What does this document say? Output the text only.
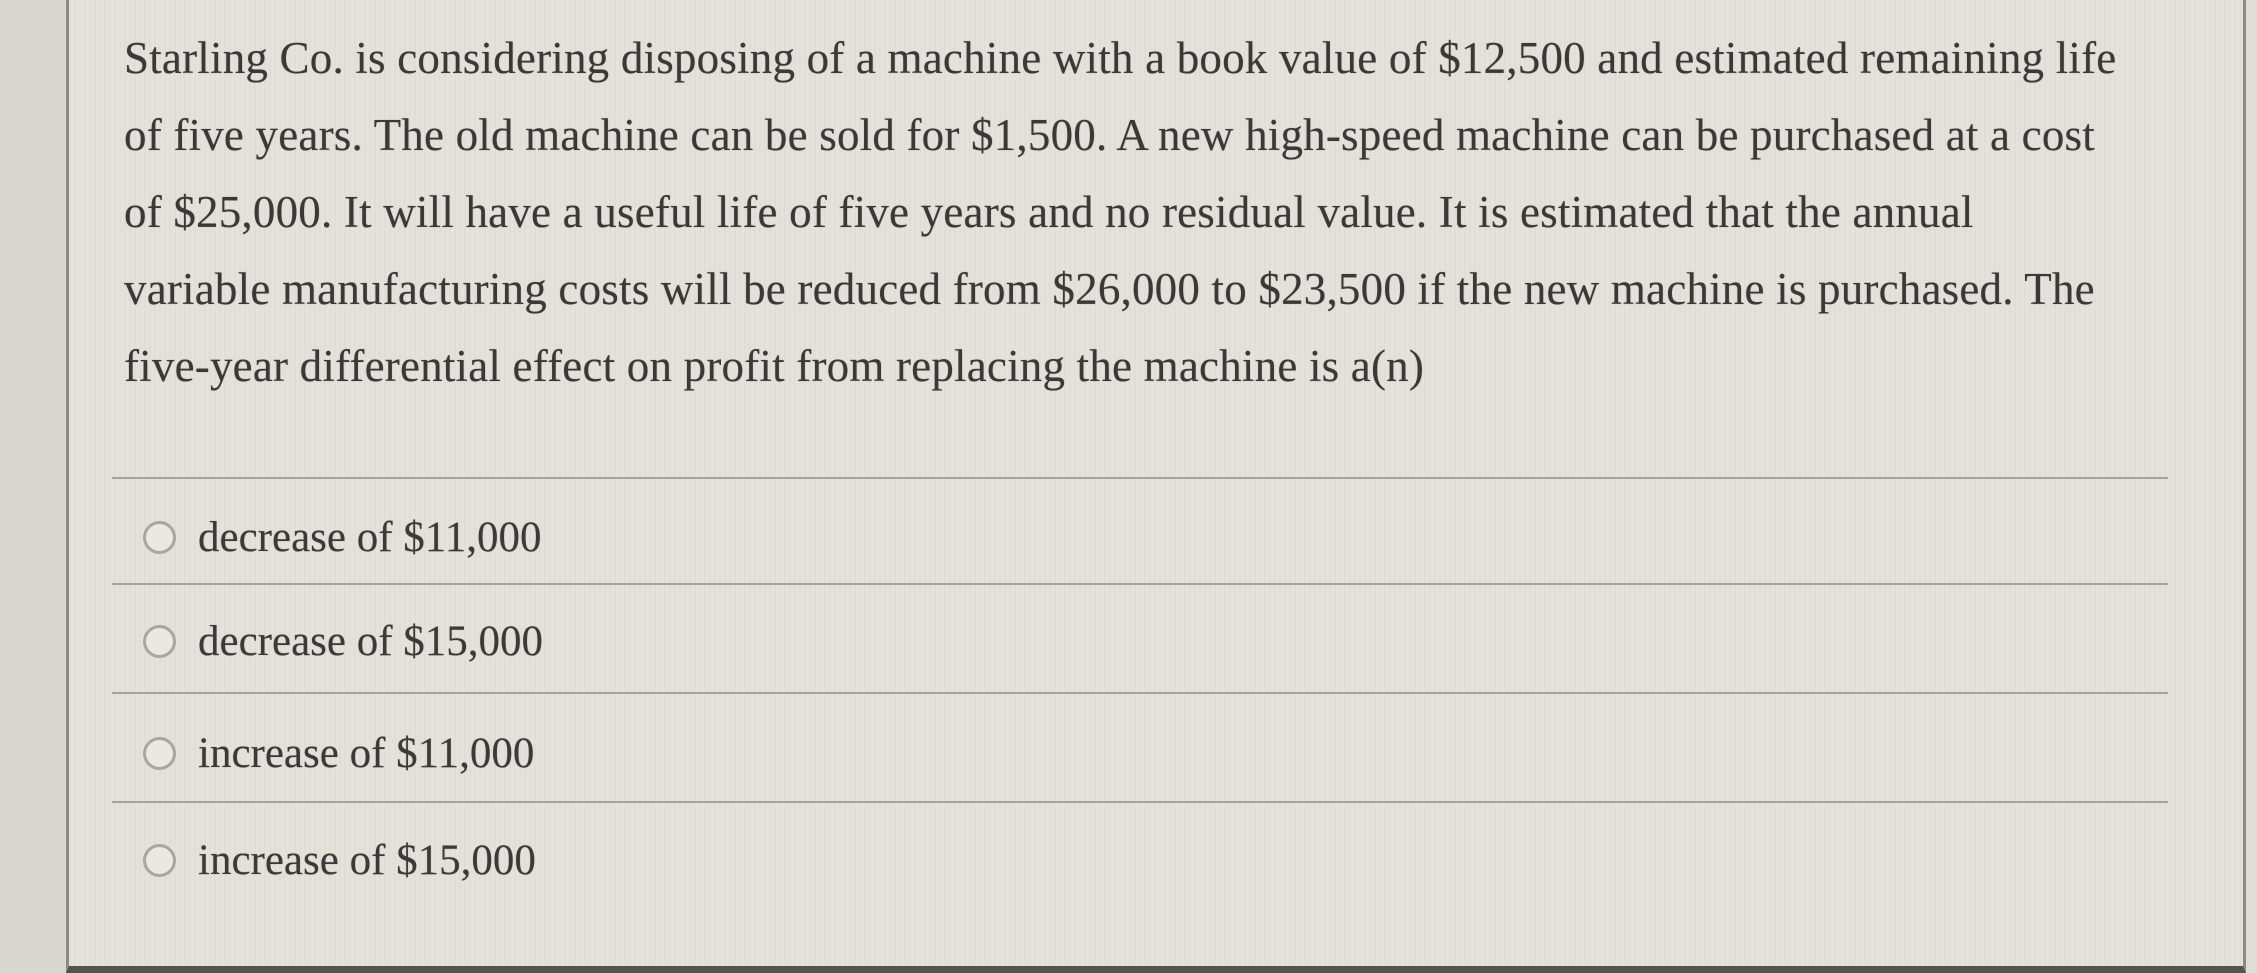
Starling Co. is considering disposing of a machine with a book value of $12,500 and estimated remaining life
of five years. The old machine can be sold for $1,500. A new high-speed machine can be purchased at a cost
of $25,000. It will have a useful life of five years and no residual value. It is estimated that the annual
variable manufacturing costs will be reduced from $26,000 to $23,500 if the new machine is purchased. The
five-year differential effect on profit from replacing the machine is a(n)
decrease of $11,000
decrease of $15,000
increase of $11,000
increase of $15,000
